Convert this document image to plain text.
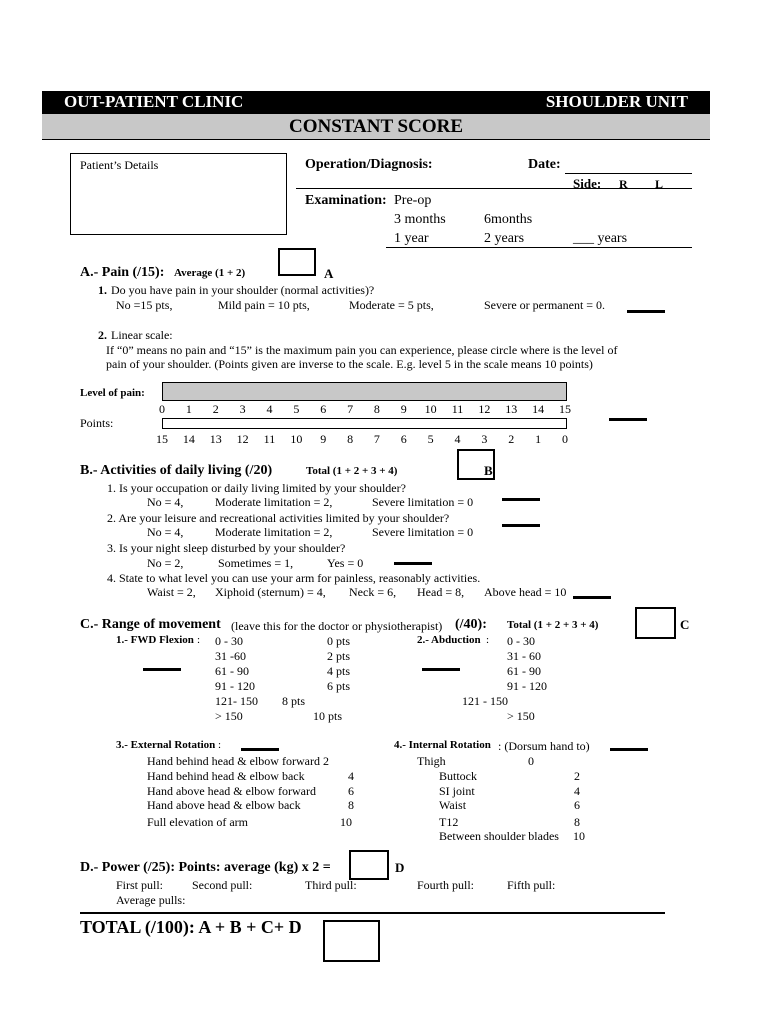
OUT-PATIENT CLINIC	SHOULDER UNIT
CONSTANT SCORE
Patient’s Details	Operation/Diagnosis:	Date:
Side: R L
Examination: Pre-op
3 months	6months
1 year	2 years	___ years
A.- Pain (/15): Average (1 + 2)	A
1. Do you have pain in your shoulder (normal activities)?
No =15 pts,	Mild pain = 10 pts,	Moderate = 5 pts,	Severe or permanent = 0.
2. Linear scale:
If “0” means no pain and “15” is the maximum pain you can experience, please circle where is the level of
pain of your shoulder. (Points given are inverse to the scale. E.g. level 5 in the scale means 10 points)
Level of pain:
0 1 2 3 4 5 6 7 8 9 10 11 12 13 14 15
Points:
15 14 13 12 11 10 9 8 7 6 5 4 3 2 1 0
B.- Activities of daily living (/20)	Total (1 + 2 + 3 + 4)	B
1. Is your occupation or daily living limited by your shoulder?
No = 4,	Moderate limitation = 2,	Severe limitation = 0
2. Are your leisure and recreational activities limited by your shoulder?
No = 4,	Moderate limitation = 2,	Severe limitation = 0
3. Is your night sleep disturbed by your shoulder?
No = 2,	Sometimes = 1,	Yes = 0
4. State to what level you can use your arm for painless, reasonably activities.
Waist = 2, Xiphoid (sternum) = 4, Neck = 6, Head = 8, Above head = 10
C.- Range of movement (leave this for the doctor or physiotherapist) (/40): Total (1 + 2 + 3 + 4)	C
1.- FWD Flexion : 0 - 30	0 pts
31 -60	2 pts
61 - 90	4 pts
91 - 120	6 pts
121- 150 8 pts
> 150	10 pts
2.- Abduction : 0 - 30
31 - 60
61 - 90
91 - 120
121 - 150
> 150
3.- External Rotation :
Hand behind head & elbow forward 2
Hand behind head & elbow back	4
Hand above head & elbow forward	6
Hand above head & elbow back	8
Full elevation of arm	10
4.- Internal Rotation : (Dorsum hand to)
Thigh	0
Buttock	2
SI joint	4
Waist	6
T12	8
Between shoulder blades 10
D.- Power (/25): Points: average (kg) x 2 =	D
First pull: Second pull:	Third pull:	Fourth pull:	Fifth pull:
Average pulls:
TOTAL (/100): A + B + C+ D
